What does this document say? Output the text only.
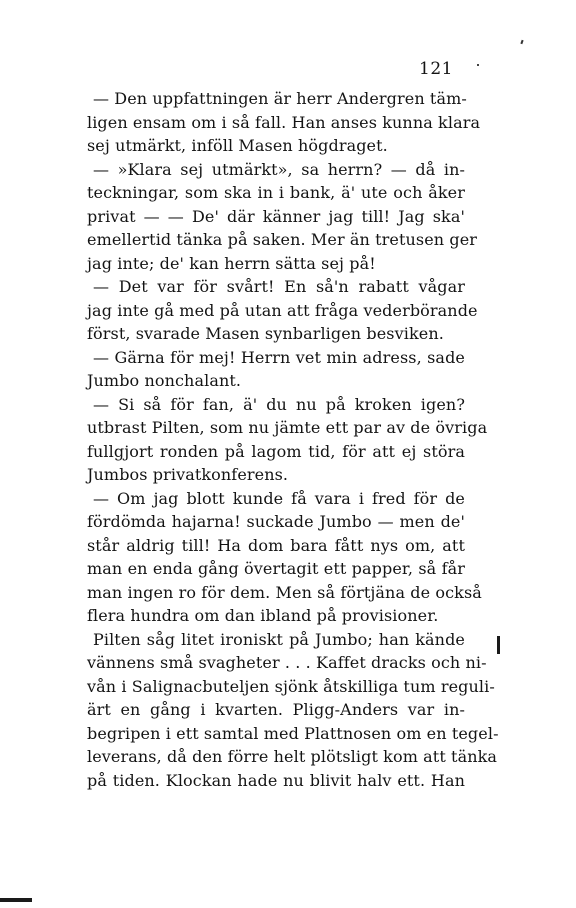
121
— Den uppfattningen är herr Andergren täm-
ligen ensam om i så fall. Han anses kunna klara
sej utmärkt, inföll Masen högdraget.
— »Klara sej utmärkt», sa herrn? — då in-
teckningar, som ska in i bank, ä' ute och åker
privat — — De' där känner jag till! Jag ska'
emellertid tänka på saken. Mer än tretusen ger
jag inte; de' kan herrn sätta sej på!
— Det var för svårt! En så'n rabatt vågar
jag inte gå med på utan att fråga vederbörande
först, svarade Masen synbarligen besviken.
— Gärna för mej! Herrn vet min adress, sade
Jumbo nonchalant.
— Si så för fan, ä' du nu på kroken igen?
utbrast Pilten, som nu jämte ett par av de övriga
fullgjort ronden på lagom tid, för att ej störa
Jumbos privatkonferens.
— Om jag blott kunde få vara i fred för de
fördömda hajarna! suckade Jumbo — men de'
står aldrig till! Ha dom bara fått nys om, att
man en enda gång övertagit ett papper, så får
man ingen ro för dem. Men så förtjäna de också
flera hundra om dan ibland på provisioner.
Pilten såg litet ironiskt på Jumbo; han kände
vännens små svagheter . . . Kaffet dracks och ni-
vån i Salignacbuteljen sjönk åtskilliga tum reguli-
ärt en gång i kvarten. Pligg-Anders var in-
begripen i ett samtal med Plattnosen om en tegel-
leverans, då den förre helt plötsligt kom att tänka
på tiden. Klockan hade nu blivit halv ett. Han
